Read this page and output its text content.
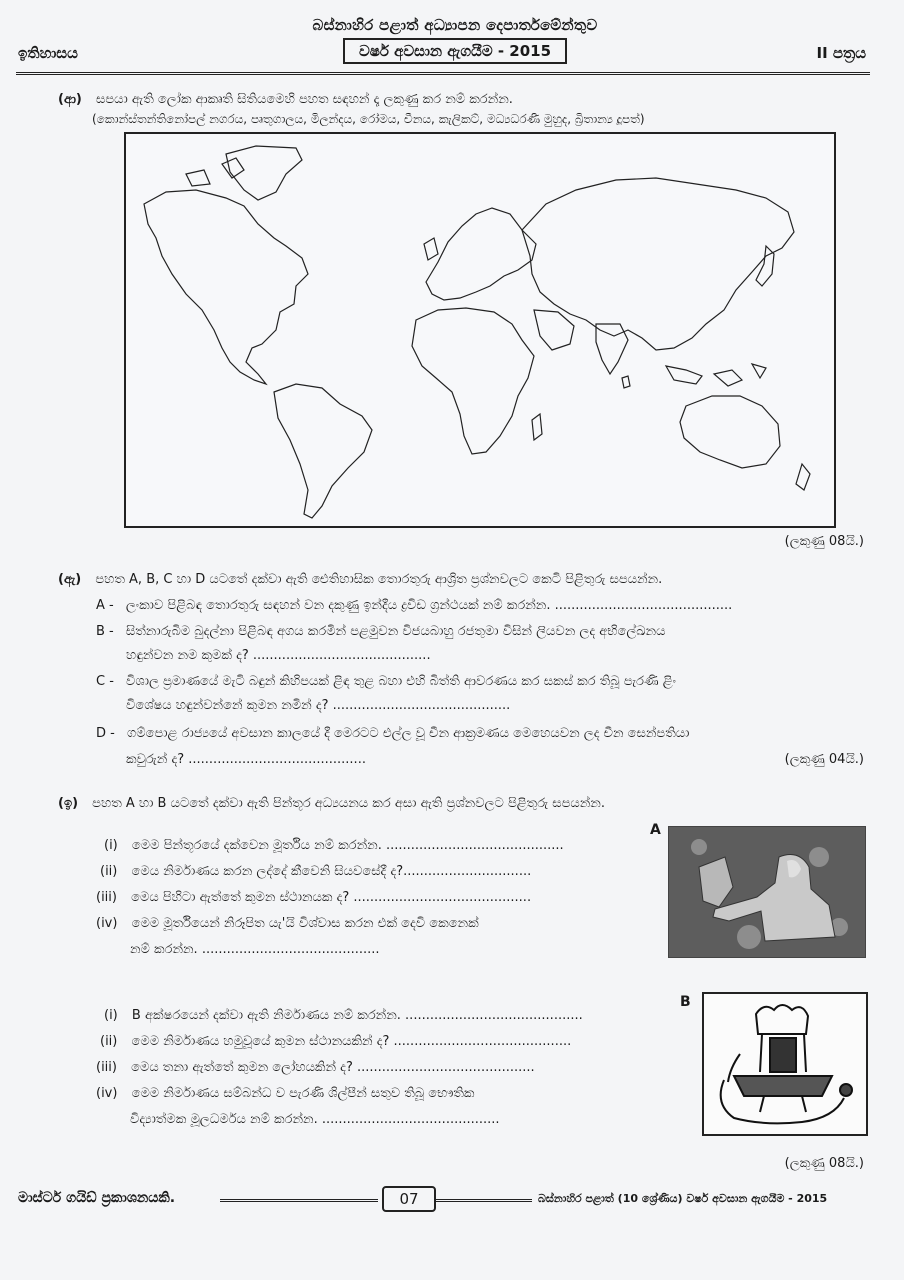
ඉතිහාසය
බස්නාහිර පළාත් අධ්‍යාපන දෙපාර්තමේන්තුව
වර්ෂ අවසාන ඇගයීම - 2015	II පත්‍රය
(ආ) සපයා ඇති ලෝක ආකෘති සිතියමෙහි පහත සඳහන් දෑ ලකුණු කර නම් කරන්න.
(කොන්ස්තන්තිනෝපල් නගරය, පෘතුගාලය, මිලන්දය, රෝමය, චීනය, කැලිකට්, මධ්‍යධරණී මුහුද, බ්‍රිතාන්‍ය දූපත්)
(ලකුණු 08යි.)
(ඇ) පහත A, B, C හා D යටතේ දක්වා ඇති ඓතිහාසික තොරතුරු ආශ්‍රිත ප්‍රශ්නවලට කෙටි පිළිතුරු සපයන්න.
A - ලංකාව පිළිබඳ තොරතුරු සඳහන් වන දකුණු ඉන්දීය ද්‍රවිඩ ග්‍රන්ථයක් නම් කරන්න. ...........................................
B - සිත්නාරුබිම බුදල්නා පිළිබඳ අගය කරමින් පළමුවන විජයබාහු රජතුමා විසින් ලියවන ලද අභිලේඛනය
හඳුන්වන නම කුමක් ද? ...........................................
C - විශාල ප්‍රමාණයේ මැටි බඳුන් කිහිපයක් ළිඳ තුළ බහා එහි බිත්ති ආවරණය කර සකස් කර තිබූ පැරණි ළිං
විශේෂය හඳුන්වන්නේ කුමන නමින් ද? ...........................................
D - ගම්පොළ රාජ්‍යයේ අවසාන කාලයේ දී මෙරටට එල්ල වූ චීන ආක්‍රමණය මෙහෙයවන ලද චීන සෙන්පතියා
කවුරුන් ද? ...........................................	(ලකුණු 04යි.)
(ඉ) පහත A හා B යටතේ දක්වා ඇති පින්තූර අධ්‍යයනය කර අසා ඇති ප්‍රශ්නවලට පිළිතුරු සපයන්න.
A
(i) මෙම පින්තූරයේ දක්වෙන මූර්තිය නම් කරන්න. ...........................................
(ii) මෙය නිර්මාණය කරන ලද්දේ කීවෙනි සියවසේදී ද?...............................
(iii) මෙය පිහිටා ඇත්තේ කුමන ස්ථානයක ද? ...........................................
(iv) මෙම මූර්තියෙන් නිරූපිත යැ'යි විශ්වාස කරන එක් දෙවි කෙනෙක්
නම් කරන්න. ...........................................
B
(i) B අක්ෂරයෙන් දක්වා ඇති නිර්මාණය නම් කරන්න. ...........................................
(ii) මෙම නිර්මාණය හමුවූයේ කුමන ස්ථානයකින් ද? ...........................................
(iii) මෙය තනා ඇත්තේ කුමන ලෝහයකින් ද? ...........................................
(iv) මෙම නිර්මාණය සම්බන්ධ ව පැරණි ශිල්පීන් සතුව තිබූ භෞතික
විද්‍යාත්මක මූලධර්මය නම් කරන්න. ...........................................
(ලකුණු 08යි.)
මාස්ටර් ගයිඩ් ප්‍රකාශනයකි.	07	බස්නාහිර පළාත් (10 ශ්‍රේණිය) වර්ෂ අවසාන ඇගයීම - 2015
